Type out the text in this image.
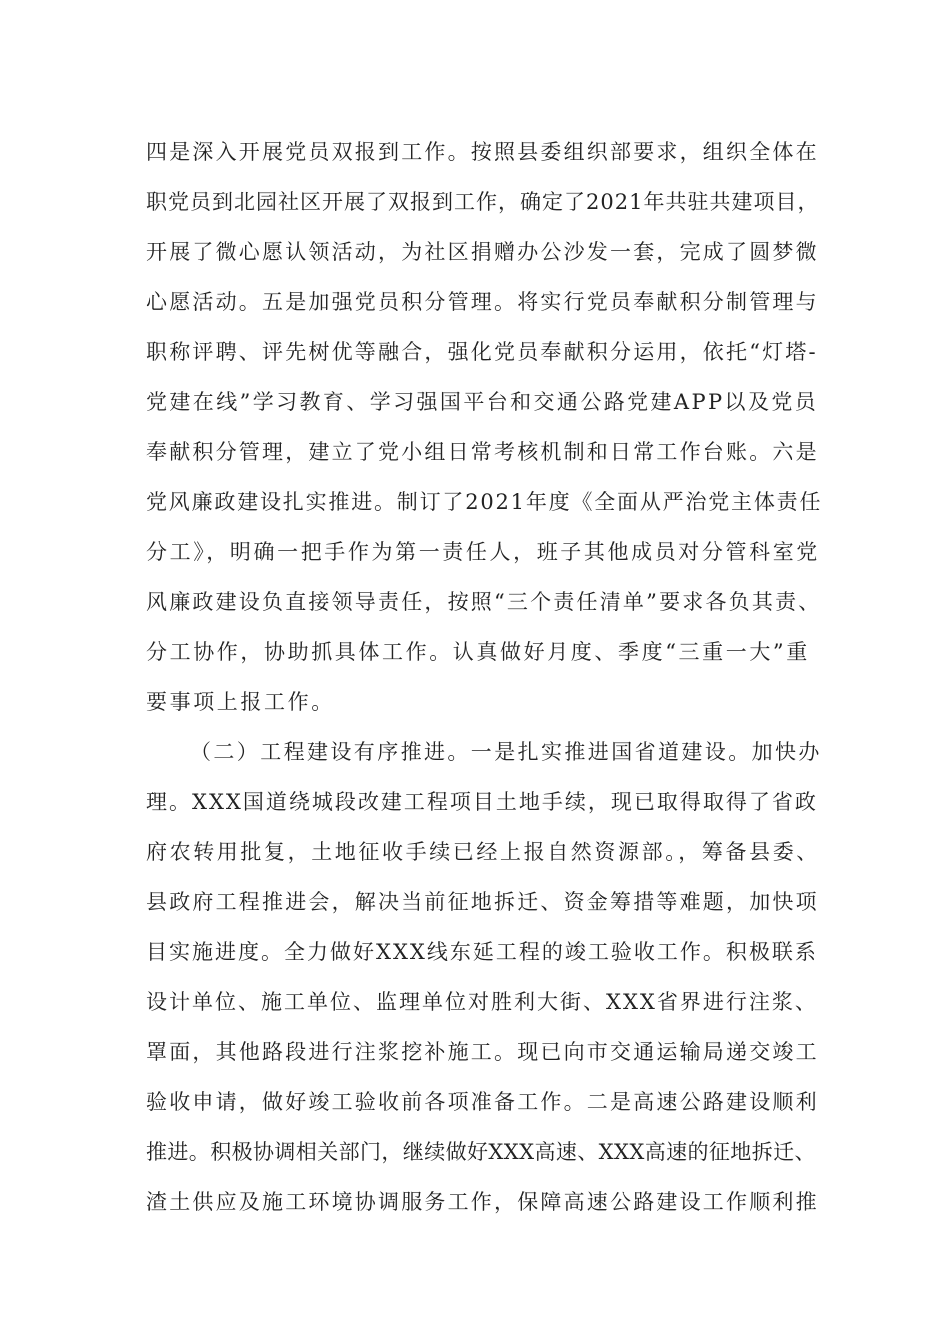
四是深入开展党员双报到工作。按照县委组织部要求，组织全体在
职党员到北园社区开展了双报到工作，确定了2021年共驻共建项目，
开展了微心愿认领活动，为社区捐赠办公沙发一套，完成了圆梦微
心愿活动。五是加强党员积分管理。将实行党员奉献积分制管理与
职称评聘、评先树优等融合，强化党员奉献积分运用，依托“灯塔-
党建在线”学习教育、学习强国平台和交通公路党建APP以及党员
奉献积分管理，建立了党小组日常考核机制和日常工作台账。六是
党风廉政建设扎实推进。制订了2021年度《全面从严治党主体责任
分工》，明确一把手作为第一责任人，班子其他成员对分管科室党
风廉政建设负直接领导责任，按照“三个责任清单”要求各负其责、
分工协作，协助抓具体工作。认真做好月度、季度“三重一大”重
要事项上报工作。
（二）工程建设有序推进。一是扎实推进国省道建设。加快办
理。XXX国道绕城段改建工程项目土地手续，现已取得取得了省政
府农转用批复，土地征收手续已经上报自然资源部。，筹备县委、
县政府工程推进会，解决当前征地拆迁、资金筹措等难题，加快项
目实施进度。全力做好XXX线东延工程的竣工验收工作。积极联系
设计单位、施工单位、监理单位对胜利大街、XXX省界进行注浆、
罩面，其他路段进行注浆挖补施工。现已向市交通运输局递交竣工
验收申请，做好竣工验收前各项准备工作。二是高速公路建设顺利
推进。积极协调相关部门，继续做好XXX高速、XXX高速的征地拆迁、
渣土供应及施工环境协调服务工作，保障高速公路建设工作顺利推
